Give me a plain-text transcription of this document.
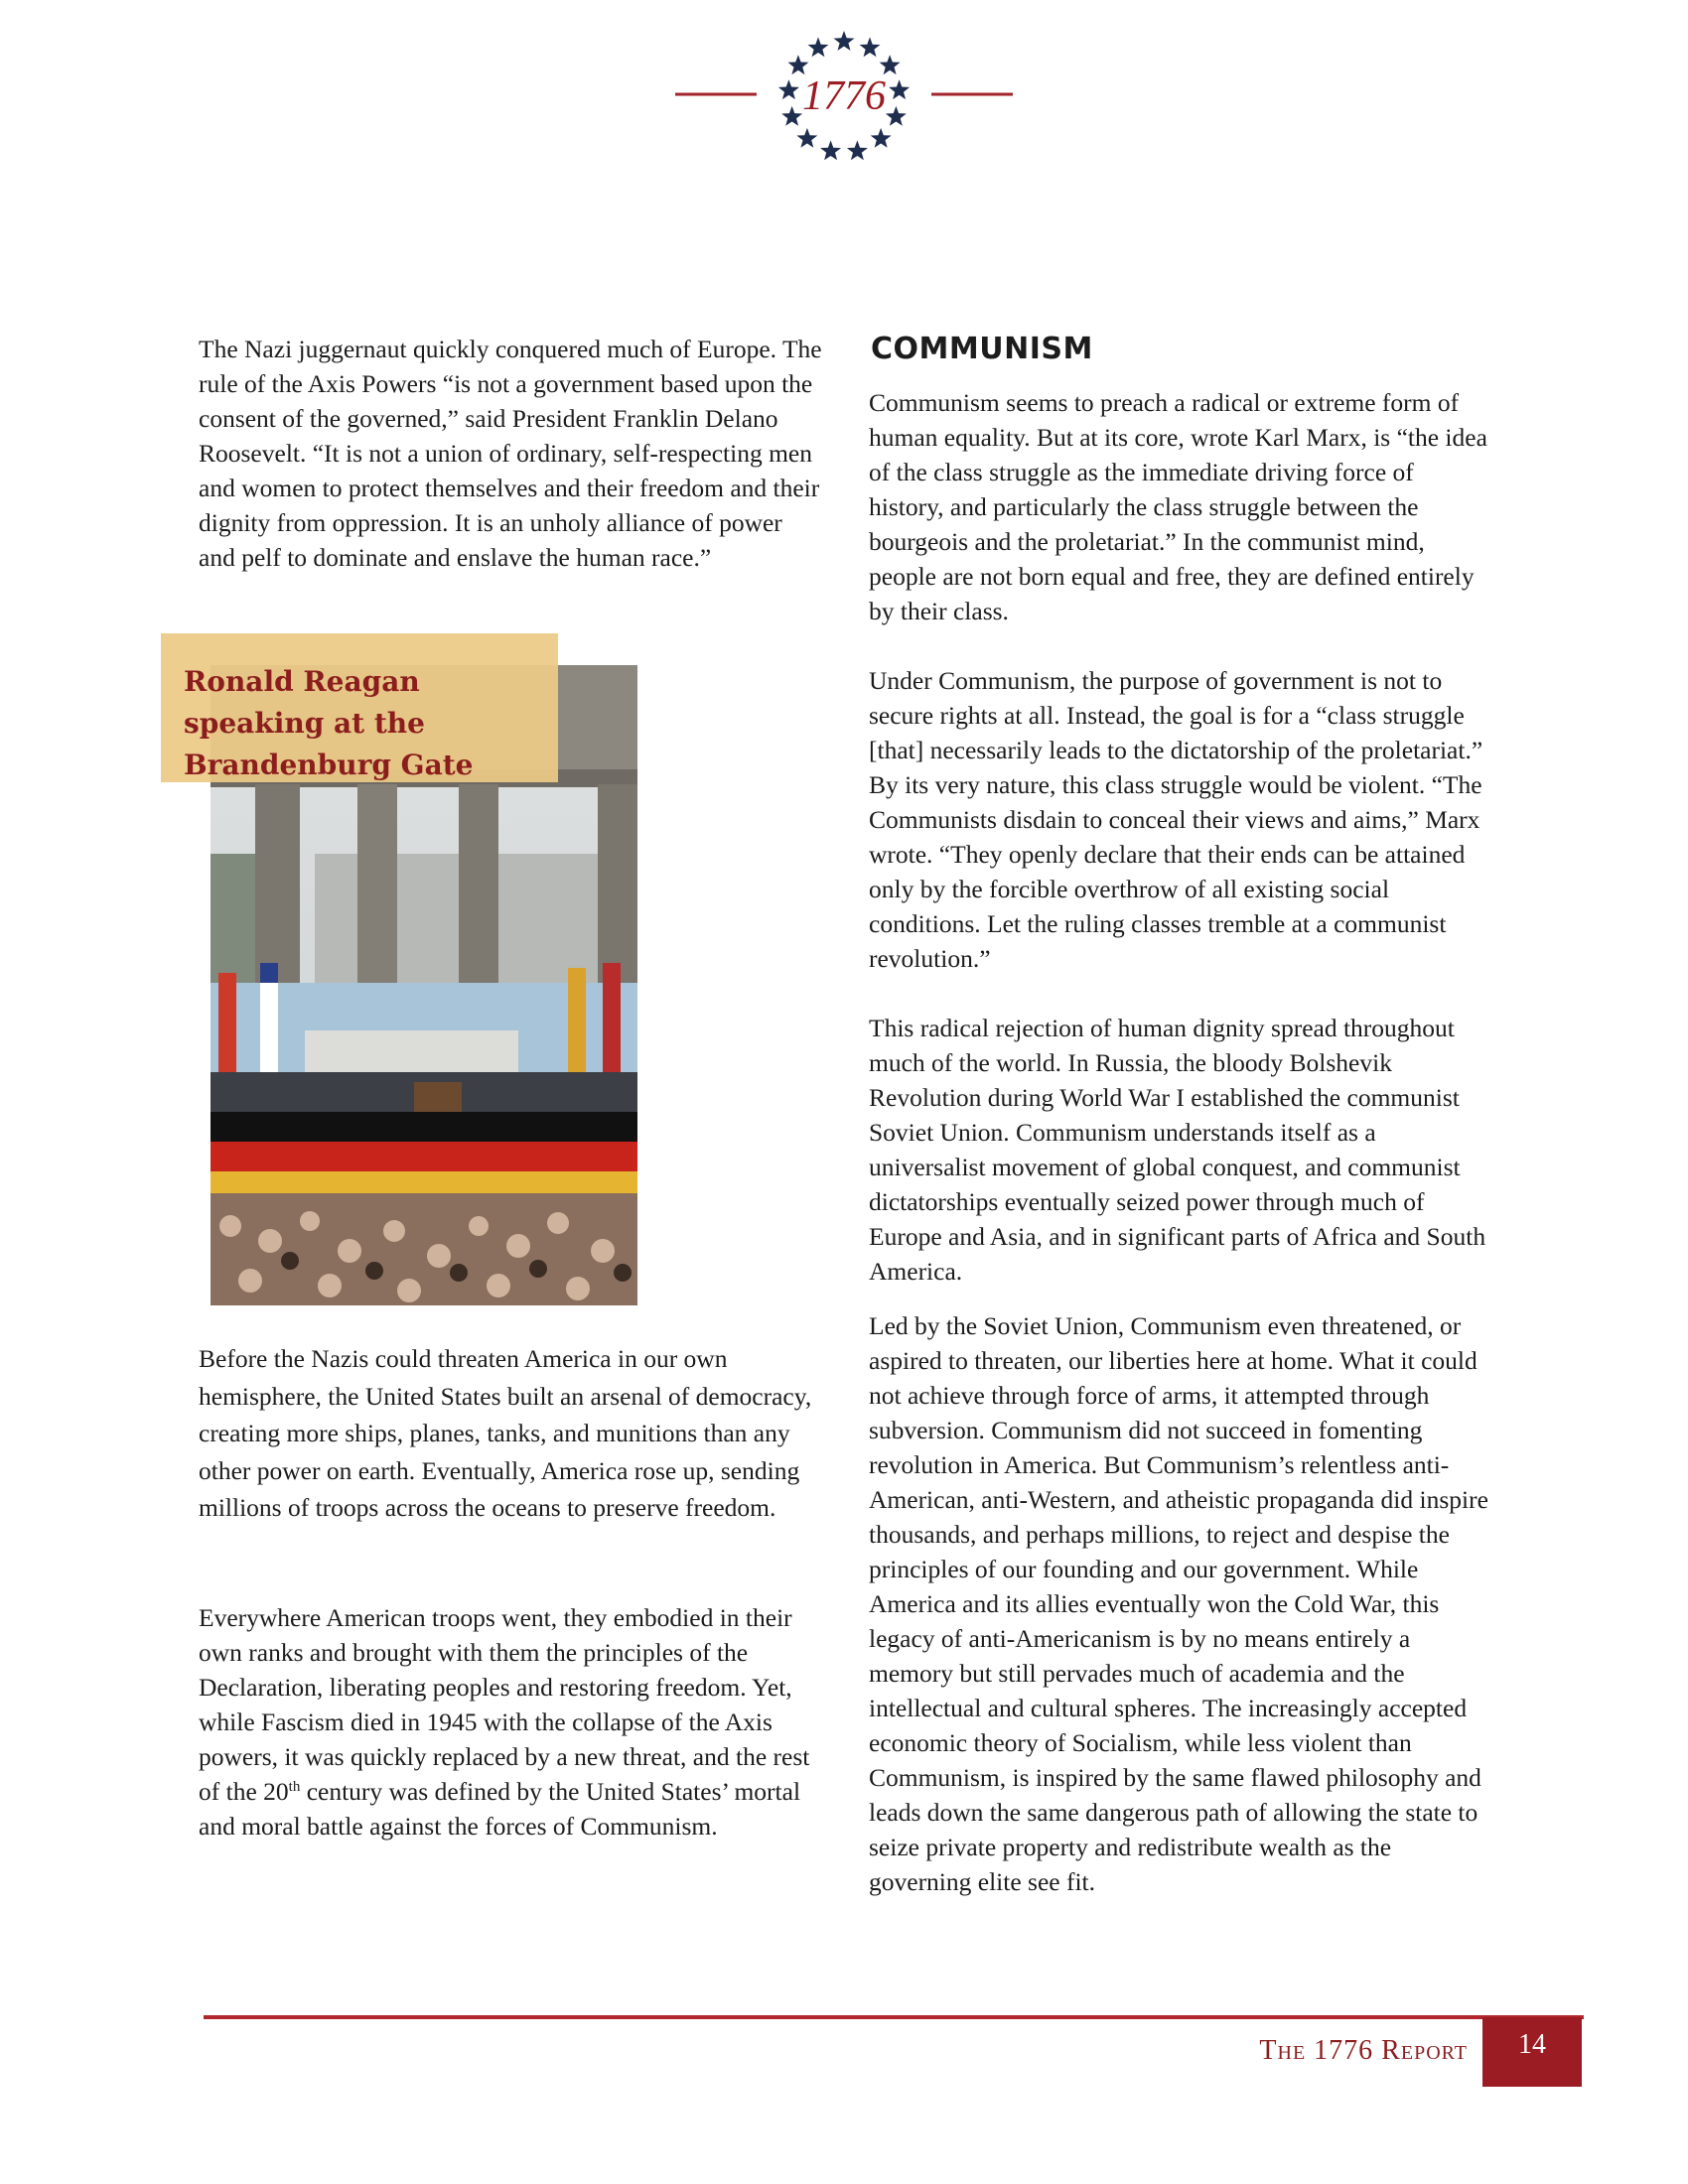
1776

The Nazi juggernaut quickly conquered much of Europe. The rule of the Axis Powers “is not a government based upon the consent of the governed,” said President Franklin Delano Roosevelt. “It is not a union of ordinary, self-respecting men and women to protect themselves and their freedom and their dignity from oppression. It is an unholy alliance of power and pelf to dominate and enslave the human race.”

Ronald Reagan speaking at the Brandenburg Gate

Before the Nazis could threaten America in our own hemisphere, the United States built an arsenal of democracy, creating more ships, planes, tanks, and munitions than any other power on earth. Eventually, America rose up, sending millions of troops across the oceans to preserve freedom.

Everywhere American troops went, they embodied in their own ranks and brought with them the principles of the Declaration, liberating peoples and restoring freedom. Yet, while Fascism died in 1945 with the collapse of the Axis powers, it was quickly replaced by a new threat, and the rest of the 20th century was defined by the United States’ mortal and moral battle against the forces of Communism.

COMMUNISM

Communism seems to preach a radical or extreme form of human equality. But at its core, wrote Karl Marx, is “the idea of the class struggle as the immediate driving force of history, and particularly the class struggle between the bourgeois and the proletariat.” In the communist mind, people are not born equal and free, they are defined entirely by their class.

Under Communism, the purpose of government is not to secure rights at all. Instead, the goal is for a “class struggle [that] necessarily leads to the dictatorship of the proletariat.” By its very nature, this class struggle would be violent. “The Communists disdain to conceal their views and aims,” Marx wrote. “They openly declare that their ends can be attained only by the forcible overthrow of all existing social conditions. Let the ruling classes tremble at a communist revolution.”

This radical rejection of human dignity spread throughout much of the world. In Russia, the bloody Bolshevik Revolution during World War I established the communist Soviet Union. Communism understands itself as a universalist movement of global conquest, and communist dictatorships eventually seized power through much of Europe and Asia, and in significant parts of Africa and South America.

Led by the Soviet Union, Communism even threatened, or aspired to threaten, our liberties here at home. What it could not achieve through force of arms, it attempted through subversion. Communism did not succeed in fomenting revolution in America. But Communism’s relentless anti-American, anti-Western, and atheistic propaganda did inspire thousands, and perhaps millions, to reject and despise the principles of our founding and our government. While America and its allies eventually won the Cold War, this legacy of anti-Americanism is by no means entirely a memory but still pervades much of academia and the intellectual and cultural spheres. The increasingly accepted economic theory of Socialism, while less violent than Communism, is inspired by the same flawed philosophy and leads down the same dangerous path of allowing the state to seize private property and redistribute wealth as the governing elite see fit.

The 1776 Report	14
